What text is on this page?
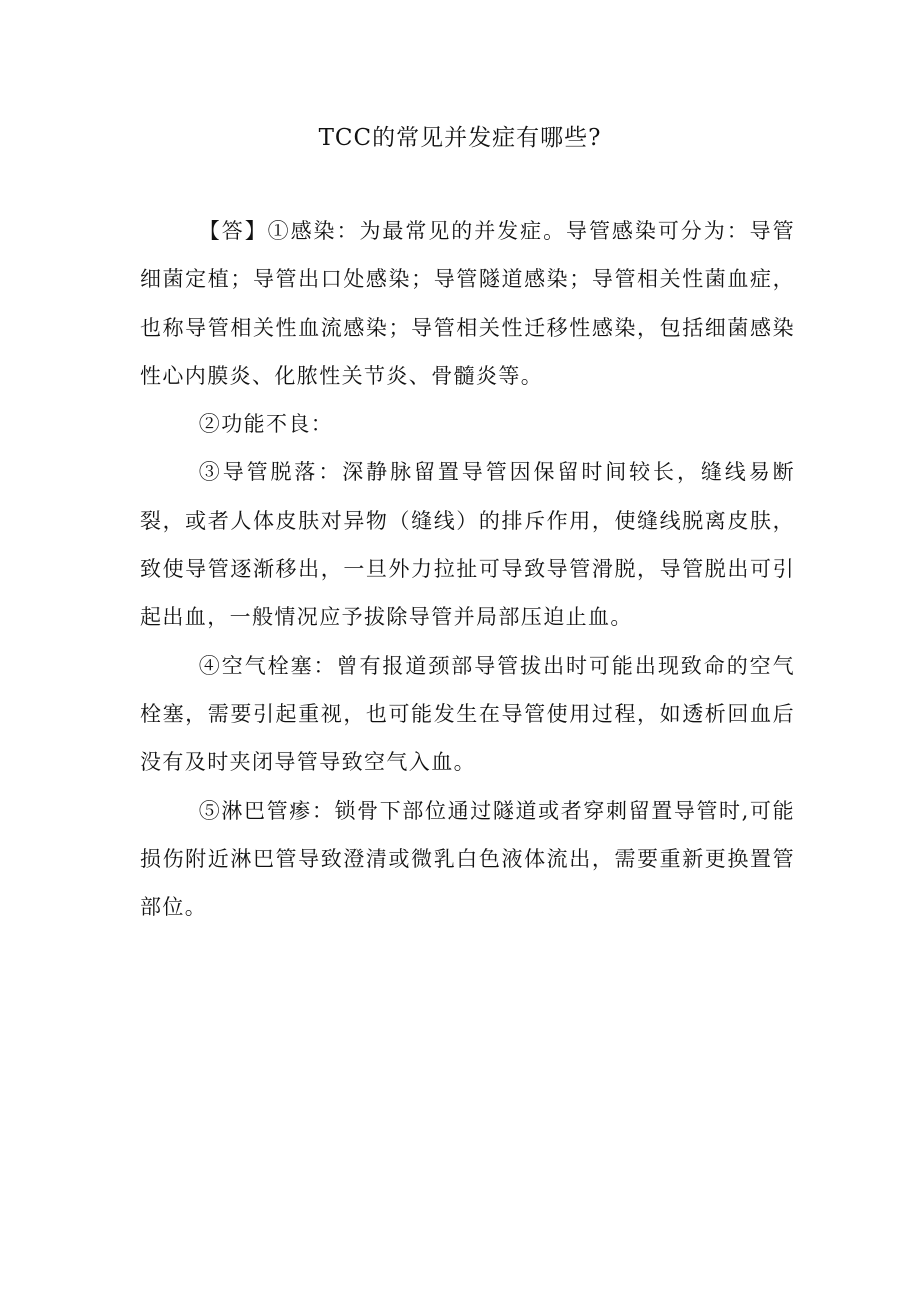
TCC的常见并发症有哪些?

【答】①感染：为最常见的并发症。导管感染可分为：导管细菌定植；导管出口处感染；导管隧道感染；导管相关性菌血症，也称导管相关性血流感染；导管相关性迁移性感染，包括细菌感染性心内膜炎、化脓性关节炎、骨髓炎等。

②功能不良：

③导管脱落：深静脉留置导管因保留时间较长，缝线易断裂，或者人体皮肤对异物（缝线）的排斥作用，使缝线脱离皮肤，致使导管逐渐移出，一旦外力拉扯可导致导管滑脱，导管脱出可引起出血，一般情况应予拔除导管并局部压迫止血。

④空气栓塞：曾有报道颈部导管拔出时可能出现致命的空气栓塞，需要引起重视，也可能发生在导管使用过程，如透析回血后没有及时夹闭导管导致空气入血。

⑤淋巴管瘆：锁骨下部位通过隧道或者穿刺留置导管时,可能损伤附近淋巴管导致澄清或微乳白色液体流出，需要重新更换置管部位。
